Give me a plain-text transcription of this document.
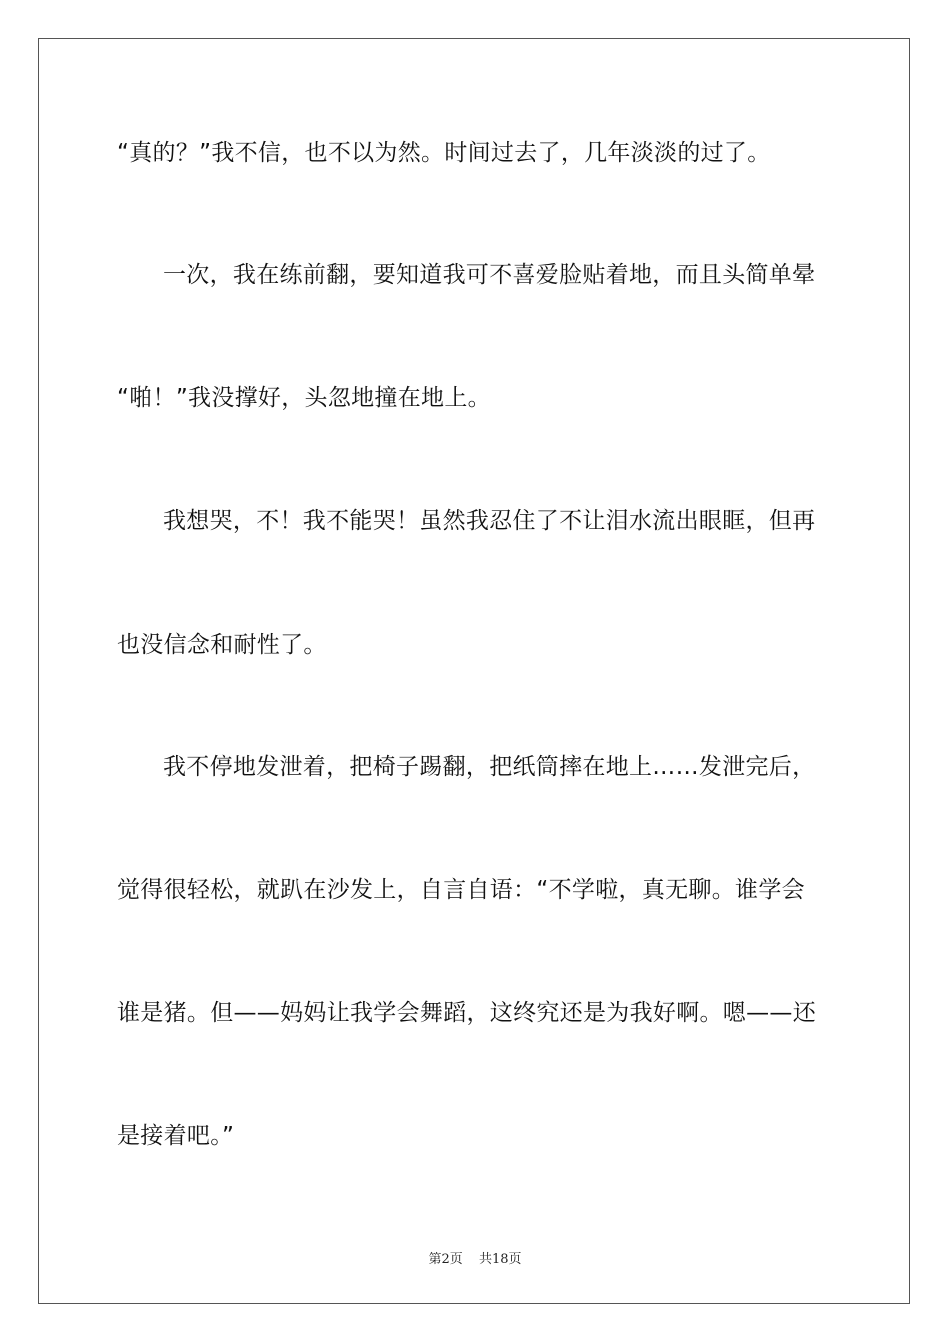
“真的？”我不信，也不以为然。时间过去了，几年淡淡的过了。
一次，我在练前翻，要知道我可不喜爱脸贴着地，而且头简单晕
“啪！”我没撑好，头忽地撞在地上。
我想哭，不！我不能哭！虽然我忍住了不让泪水流出眼眶，但再
也没信念和耐性了。
我不停地发泄着，把椅子踢翻，把纸筒摔在地上……发泄完后，
觉得很轻松，就趴在沙发上，自言自语：“不学啦，真无聊。谁学会
谁是猪。但——妈妈让我学会舞蹈，这终究还是为我好啊。嗯——还
是接着吧。”
第2页 共18页
